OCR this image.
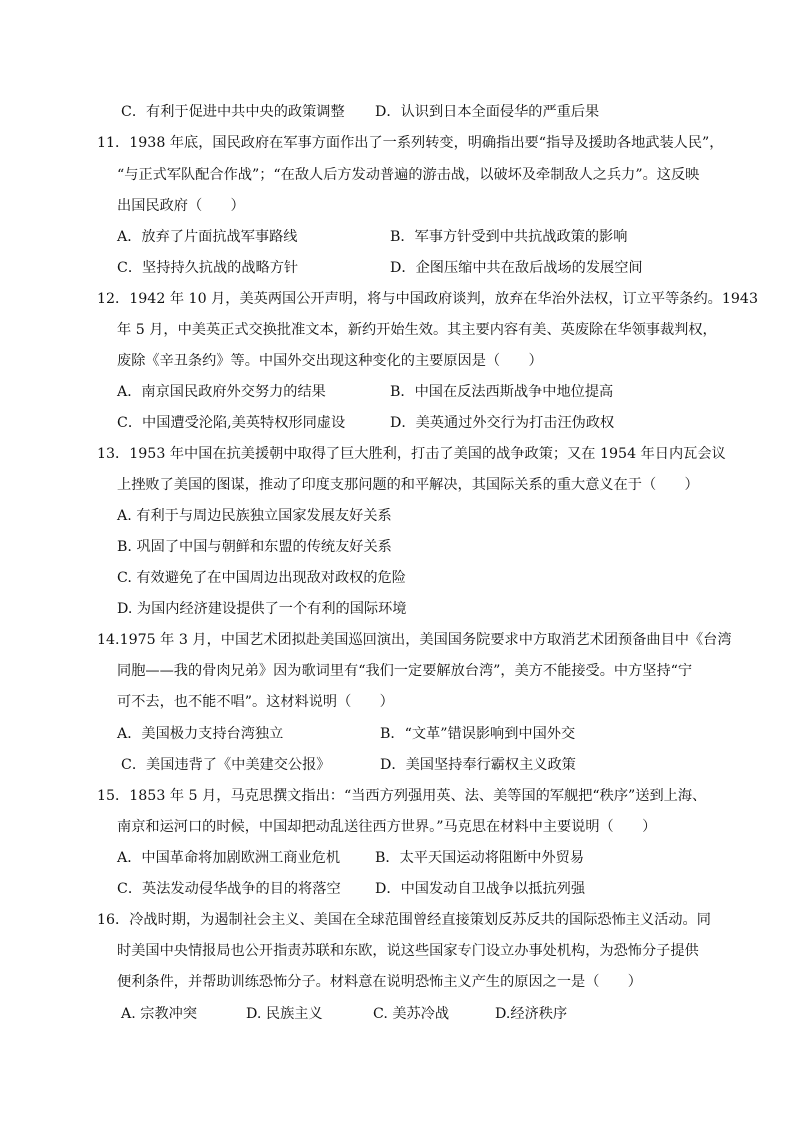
C．有利于促进中共中央的政策调整 D．认识到日本全面侵华的严重后果
11．1938 年底，国民政府在军事方面作出了一系列转变，明确指出要“指导及援助各地武装人民”，
“与正式军队配合作战”；“在敌人后方发动普遍的游击战，以破坏及牵制敌人之兵力”。这反映
出国民政府（　　）
A．放弃了片面抗战军事路线	B．军事方针受到中共抗战政策的影响
C．坚持持久抗战的战略方针	D．企图压缩中共在敌后战场的发展空间
12．1942 年 10 月，美英两国公开声明，将与中国政府谈判，放弃在华治外法权，订立平等条约。1943
年 5 月，中美英正式交换批准文本，新约开始生效。其主要内容有美、英废除在华领事裁判权，
废除《辛丑条约》等。中国外交出现这种变化的主要原因是（　　）
A．南京国民政府外交努力的结果	B．中国在反法西斯战争中地位提高
C．中国遭受沦陷,美英特权形同虚设	D．美英通过外交行为打击汪伪政权
13．1953 年中国在抗美援朝中取得了巨大胜利，打击了美国的战争政策；又在 1954 年日内瓦会议
上挫败了美国的图谋，推动了印度支那问题的和平解决，其国际关系的重大意义在于（　　）
A. 有利于与周边民族独立国家发展友好关系
B. 巩固了中国与朝鲜和东盟的传统友好关系
C. 有效避免了在中国周边出现敌对政权的危险
D. 为国内经济建设提供了一个有利的国际环境
14.1975 年 3 月，中国艺术团拟赴美国巡回演出，美国国务院要求中方取消艺术团预备曲目中《台湾
同胞——我的骨肉兄弟》因为歌词里有“我们一定要解放台湾”，美方不能接受。中方坚持“宁
可不去，也不能不唱”。这材料说明（　　）
A．美国极力支持台湾独立	B．“文革”错误影响到中国外交
C．美国违背了《中美建交公报》	D．美国坚持奉行霸权主义政策
15．1853 年 5 月，马克思撰文指出：“当西方列强用英、法、美等国的军舰把“秩序”送到上海、
南京和运河口的时候，中国却把动乱送往西方世界。”马克思在材料中主要说明（　　）
A．中国革命将加剧欧洲工商业危机 B．太平天国运动将阻断中外贸易
C．英法发动侵华战争的目的将落空 D．中国发动自卫战争以抵抗列强
16．冷战时期，为遏制社会主义、美国在全球范围曾经直接策划反苏反共的国际恐怖主义活动。同
时美国中央情报局也公开指责苏联和东欧，说这些国家专门设立办事处机构，为恐怖分子提供
便利条件，并帮助训练恐怖分子。材料意在说明恐怖主义产生的原因之一是（　　）
A. 宗教冲突	D. 民族主义	C. 美苏冷战	D.经济秩序
